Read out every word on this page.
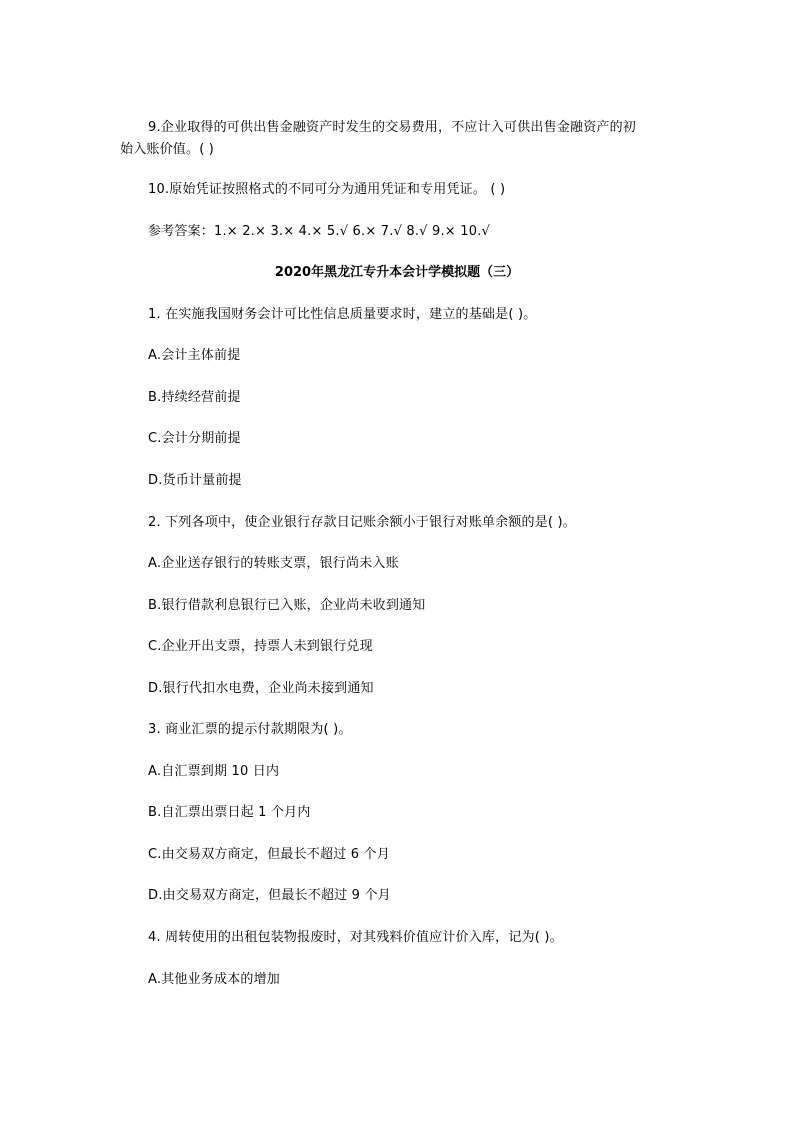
9.企业取得的可供出售金融资产时发生的交易费用，不应计入可供出售金融资产的初
始入账价值。( )
10.原始凭证按照格式的不同可分为通用凭证和专用凭证。 ( )
参考答案：1.× 2.× 3.× 4.× 5.√ 6.× 7.√ 8.√ 9.× 10.√
2020年黑龙江专升本会计学模拟题（三）
1. 在实施我国财务会计可比性信息质量要求时，建立的基础是( )。
A.会计主体前提
B.持续经营前提
C.会计分期前提
D.货币计量前提
2. 下列各项中，使企业银行存款日记账余额小于银行对账单余额的是( )。
A.企业送存银行的转账支票，银行尚未入账
B.银行借款利息银行已入账，企业尚未收到通知
C.企业开出支票，持票人未到银行兑现
D.银行代扣水电费，企业尚未接到通知
3. 商业汇票的提示付款期限为( )。
A.自汇票到期 10 日内
B.自汇票出票日起 1 个月内
C.由交易双方商定，但最长不超过 6 个月
D.由交易双方商定，但最长不超过 9 个月
4. 周转使用的出租包装物报废时，对其残料价值应计价入库，记为( )。
A.其他业务成本的增加
